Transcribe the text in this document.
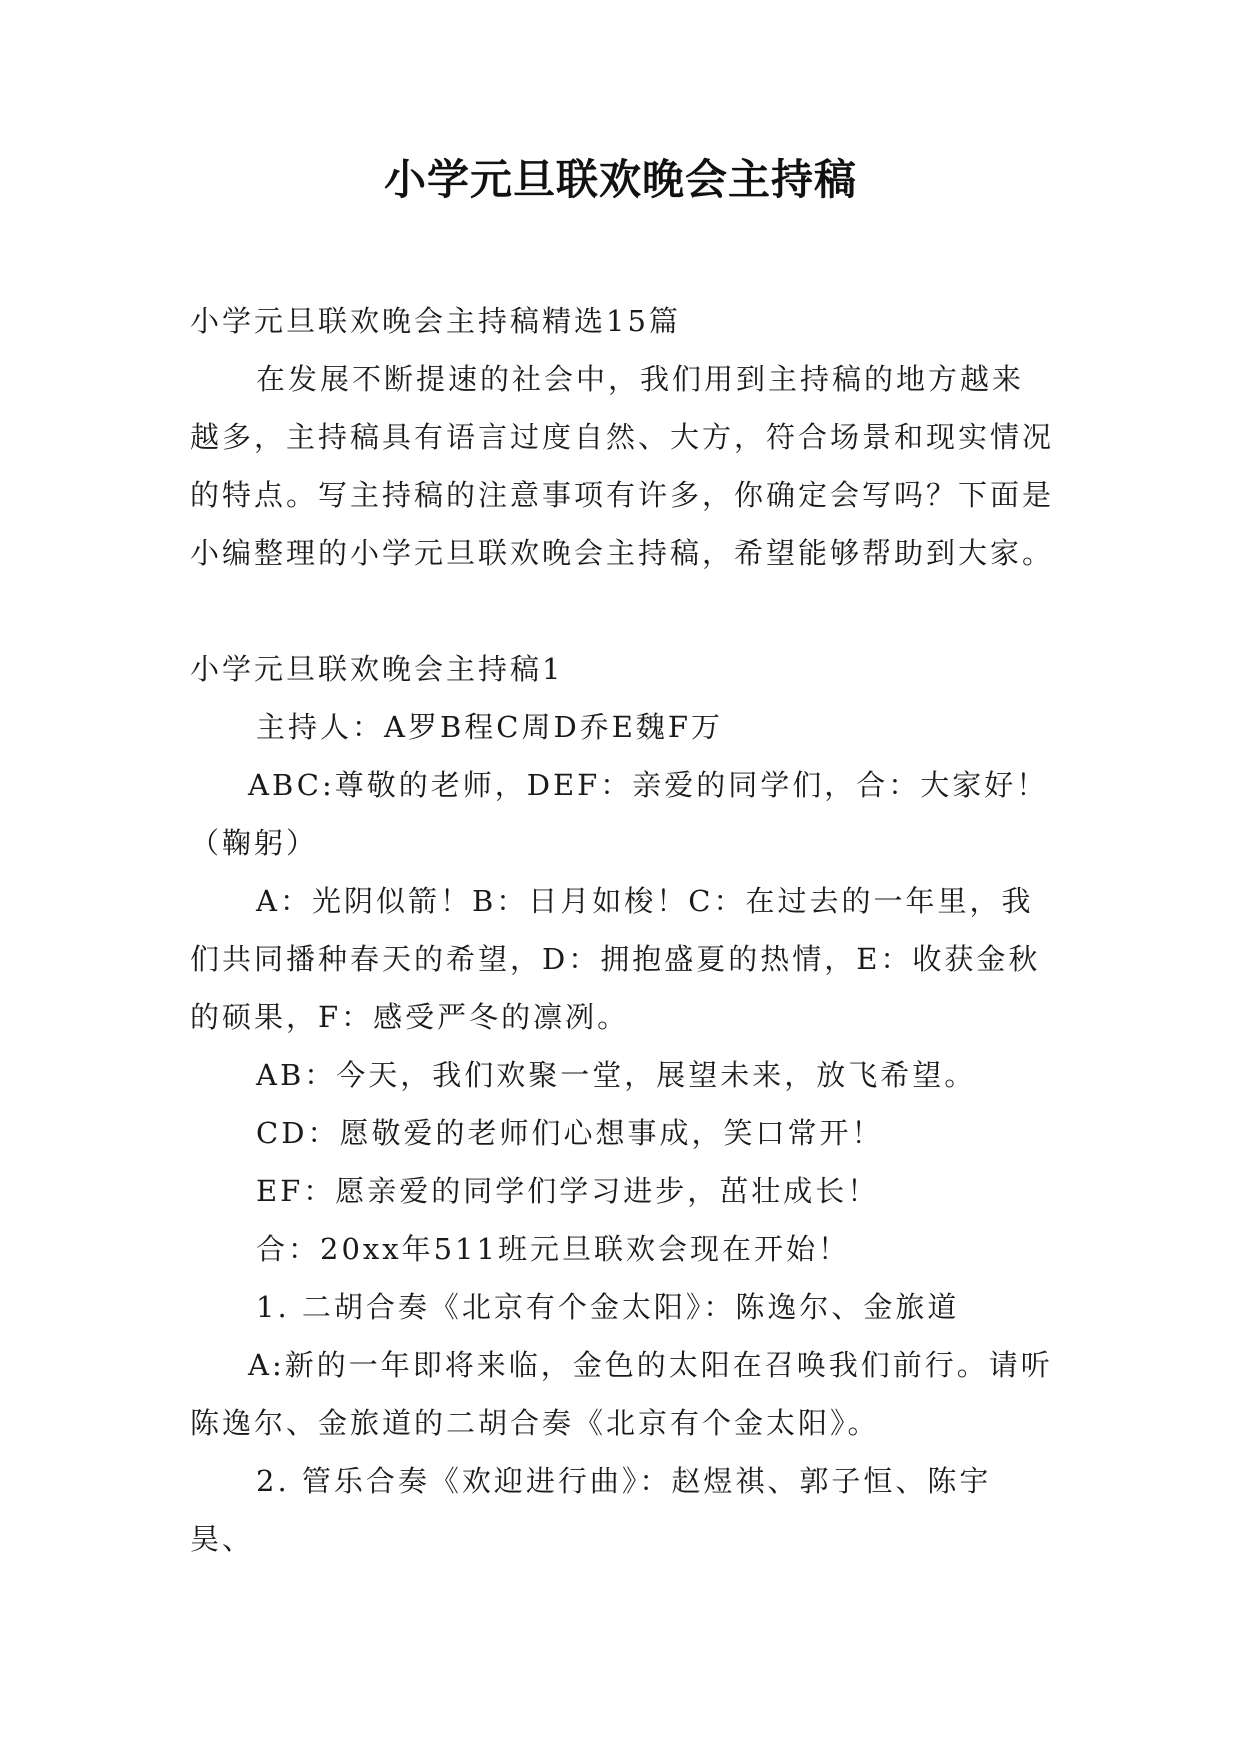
小学元旦联欢晚会主持稿

小学元旦联欢晚会主持稿精选15篇

在发展不断提速的社会中，我们用到主持稿的地方越来越多，主持稿具有语言过度自然、大方，符合场景和现实情况的特点。写主持稿的注意事项有许多，你确定会写吗？下面是小编整理的小学元旦联欢晚会主持稿，希望能够帮助到大家。

小学元旦联欢晚会主持稿1

主持人：A罗B程C周D乔E魏F万

ABC:尊敬的老师，DEF：亲爱的同学们，合：大家好！（鞠躬）

A：光阴似箭！B：日月如梭！C：在过去的一年里，我们共同播种春天的希望，D：拥抱盛夏的热情，E：收获金秋的硕果，F：感受严冬的凛冽。

AB：今天，我们欢聚一堂，展望未来，放飞希望。

CD：愿敬爱的老师们心想事成，笑口常开！

EF：愿亲爱的同学们学习进步，茁壮成长！

合：20xx年511班元旦联欢会现在开始！

1. 二胡合奏《北京有个金太阳》：陈逸尔、金旅道

A:新的一年即将来临，金色的太阳在召唤我们前行。请听陈逸尔、金旅道的二胡合奏《北京有个金太阳》。

2. 管乐合奏《欢迎进行曲》：赵煜祺、郭子恒、陈宇昊、
